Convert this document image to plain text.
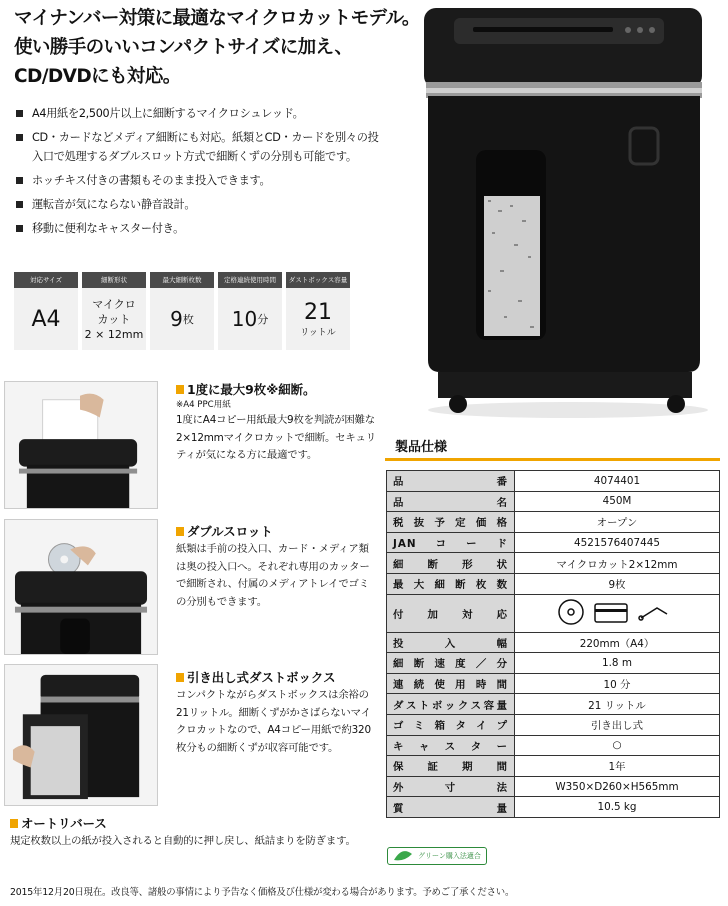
マイナンバー対策に最適なマイクロカットモデル。
使い勝手のいいコンパクトサイズに加え、
CD/DVDにも対応。
A4用紙を2,500片以上に細断するマイクロシュレッド。
CD・カードなどメディア細断にも対応。紙類とCD・カードを別々の投入口で処理するダブルスロット方式で細断くずの分別も可能です。
ホッチキス付きの書類もそのまま投入できます。
運転音が気にならない静音設計。
移動に便利なキャスター付き。
対応サイズ
A4
細断形状
マイクロ
カット
2 × 12mm
最大細断枚数
9 枚
定格連続使用時間
10 分
ダストボックス容量
21
リットル
1度に最大9枚※細断。
※A4 PPC用紙
1度にA4コピー用紙最大9枚を判読が困難な2×12mmマイクロカットで細断。セキュリティが気になる方に最適です。
ダブルスロット
紙類は手前の投入口、カード・メディア類は奥の投入口へ。それぞれ専用のカッターで細断され、付属のメディアトレイでゴミの分別もできます。
引き出し式ダストボックス
コンパクトながらダストボックスは余裕の21リットル。細断くずがかさばらないマイクロカットなので、A4コピー用紙で約320枚分もの細断くずが収容可能です。
オートリバース
規定枚数以上の紙が投入されると自動的に押し戻し、紙詰まりを防ぎます。
製品仕様
品番	4074401
品名	450M
税抜予定価格	オープン
JANコード	4521576407445
細断形状	マイクロカット2×12mm
最大細断枚数	9枚
付加対応	
投入幅	220mm（A4）
細断速度／分	1.8 m
連続使用時間	10 分
ダストボックス容量	21 リットル
ゴミ箱タイプ	引き出し式
キャスター	○
保証期間	1年
外寸法	W350×D260×H565mm
質量	10.5 kg
グリーン購入法適合
2015年12月20日現在。改良等、諸般の事情により予告なく価格及び仕様が変わる場合があります。予めご了承ください。
